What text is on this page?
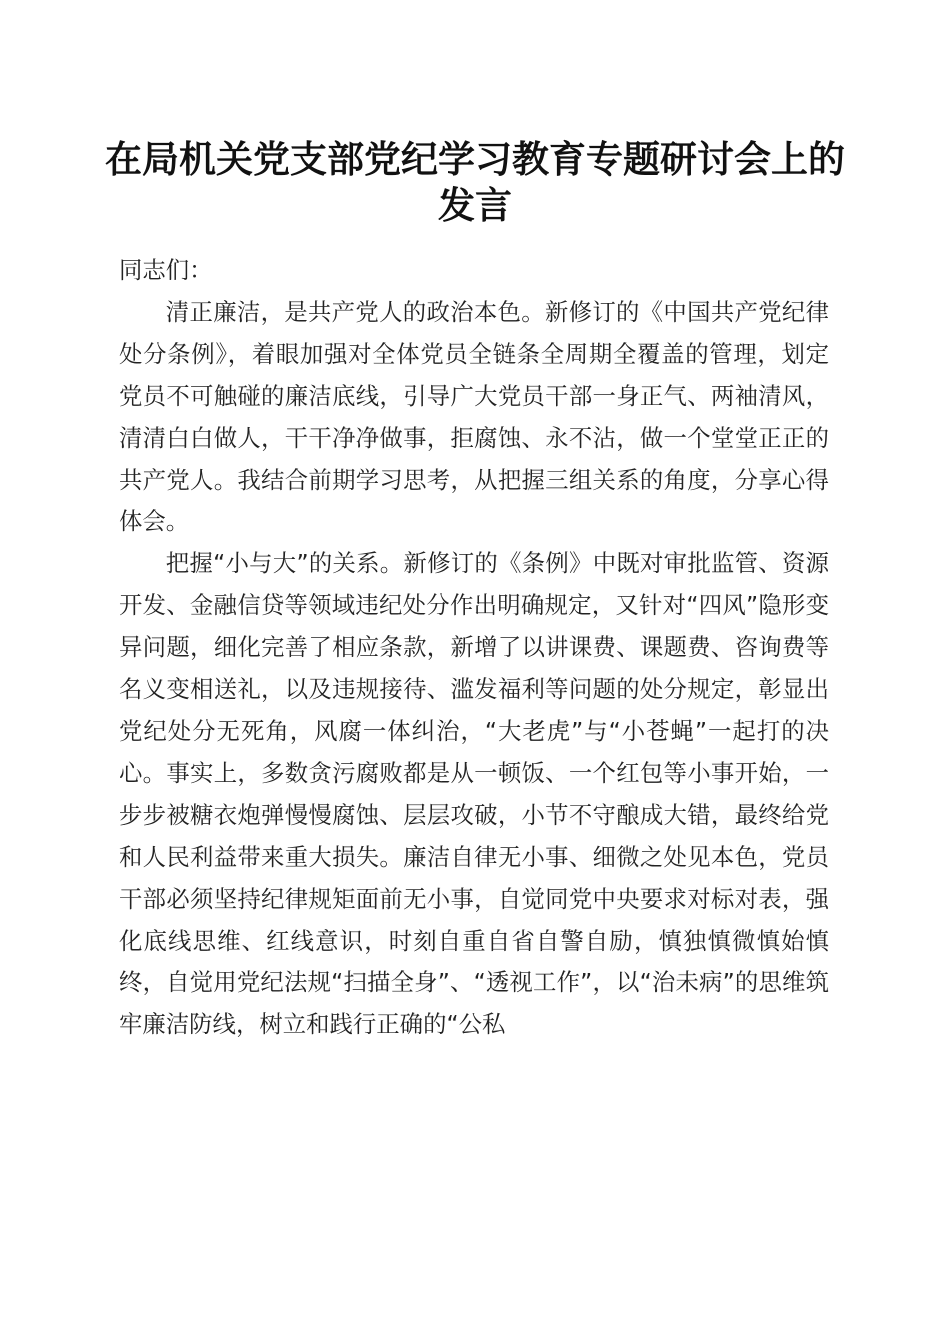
在局机关党支部党纪学习教育专题研讨会上的发言

同志们：

清正廉洁，是共产党人的政治本色。新修订的《中国共产党纪律处分条例》，着眼加强对全体党员全链条全周期全覆盖的管理，划定党员不可触碰的廉洁底线，引导广大党员干部一身正气、两袖清风，清清白白做人，干干净净做事，拒腐蚀、永不沾，做一个堂堂正正的共产党人。我结合前期学习思考，从把握三组关系的角度，分享心得体会。

把握“小与大”的关系。新修订的《条例》中既对审批监管、资源开发、金融信贷等领域违纪处分作出明确规定，又针对“四风”隐形变异问题，细化完善了相应条款，新增了以讲课费、课题费、咨询费等名义变相送礼，以及违规接待、滥发福利等问题的处分规定，彰显出党纪处分无死角，风腐一体纠治，“大老虎”与“小苍蝇”一起打的决心。事实上，多数贪污腐败都是从一顿饭、一个红包等小事开始，一步步被糖衣炮弹慢慢腐蚀、层层攻破，小节不守酿成大错，最终给党和人民利益带来重大损失。廉洁自律无小事、细微之处见本色，党员干部必须坚持纪律规矩面前无小事，自觉同党中央要求对标对表，强化底线思维、红线意识，时刻自重自省自警自励，慎独慎微慎始慎终，自觉用党纪法规“扫描全身”、“透视工作”，以“治未病”的思维筑牢廉洁防线，树立和践行正确的“公私
